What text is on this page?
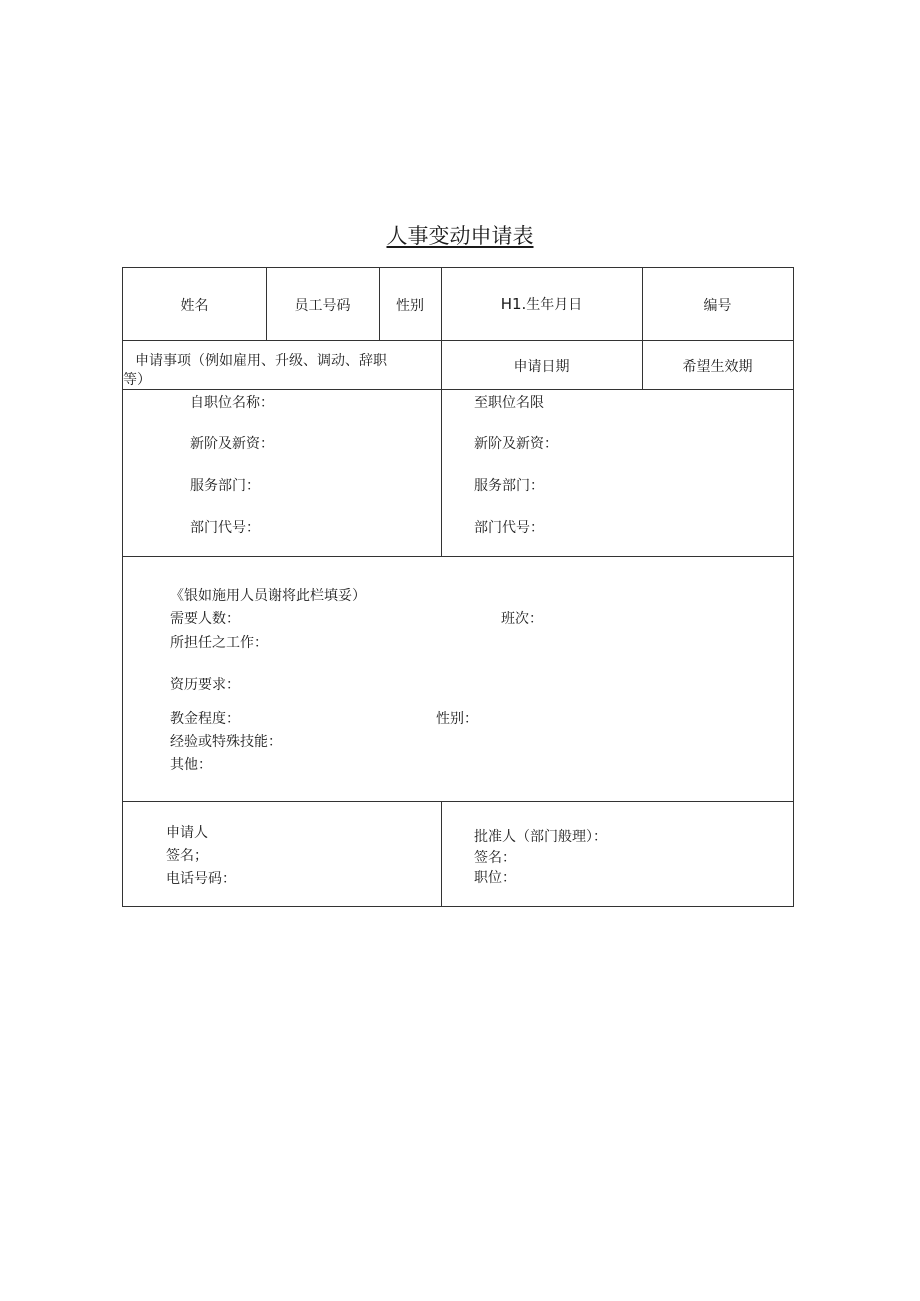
人事变动申请表
姓名	员工号码	性别	H1.生年月日	编号
申请事项（例如雇用、升级、调动、辞职
等）
申请日期	希望生效期
自职位名称：
新阶及新资：
服务部门：
部门代号：
至职位名限
新阶及新资：
服务部门：
部门代号：
《银如施用人员谢将此栏填妥）
需要人数：	班次：
所担任之工作：
资历要求：
教金程度：	性别：
经验或特殊技能：
其他：
申请人
签名；
电话号码：
批准人（部门般理）：
签名：
职位：
